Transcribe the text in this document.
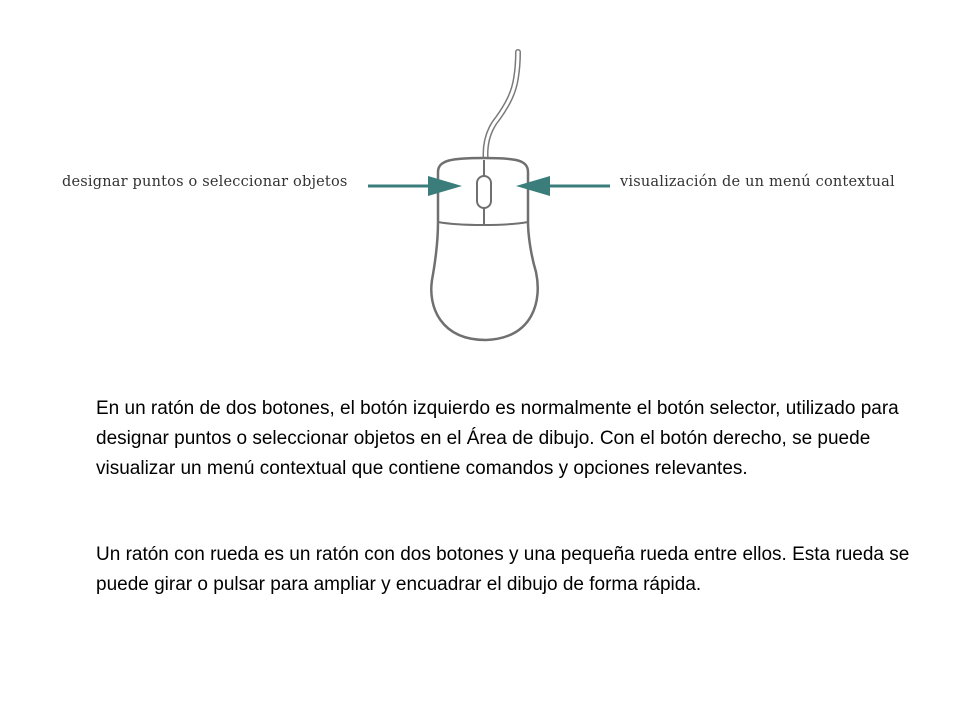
designar puntos o seleccionar objetos	visualización de un menú contextual

En un ratón de dos botones, el botón izquierdo es normalmente el botón selector, utilizado para designar puntos o seleccionar objetos en el Área de dibujo. Con el botón derecho, se puede visualizar un menú contextual que contiene comandos y opciones relevantes.

Un ratón con rueda es un ratón con dos botones y una pequeña rueda entre ellos. Esta rueda se puede girar o pulsar para ampliar y encuadrar el dibujo de forma rápida.
